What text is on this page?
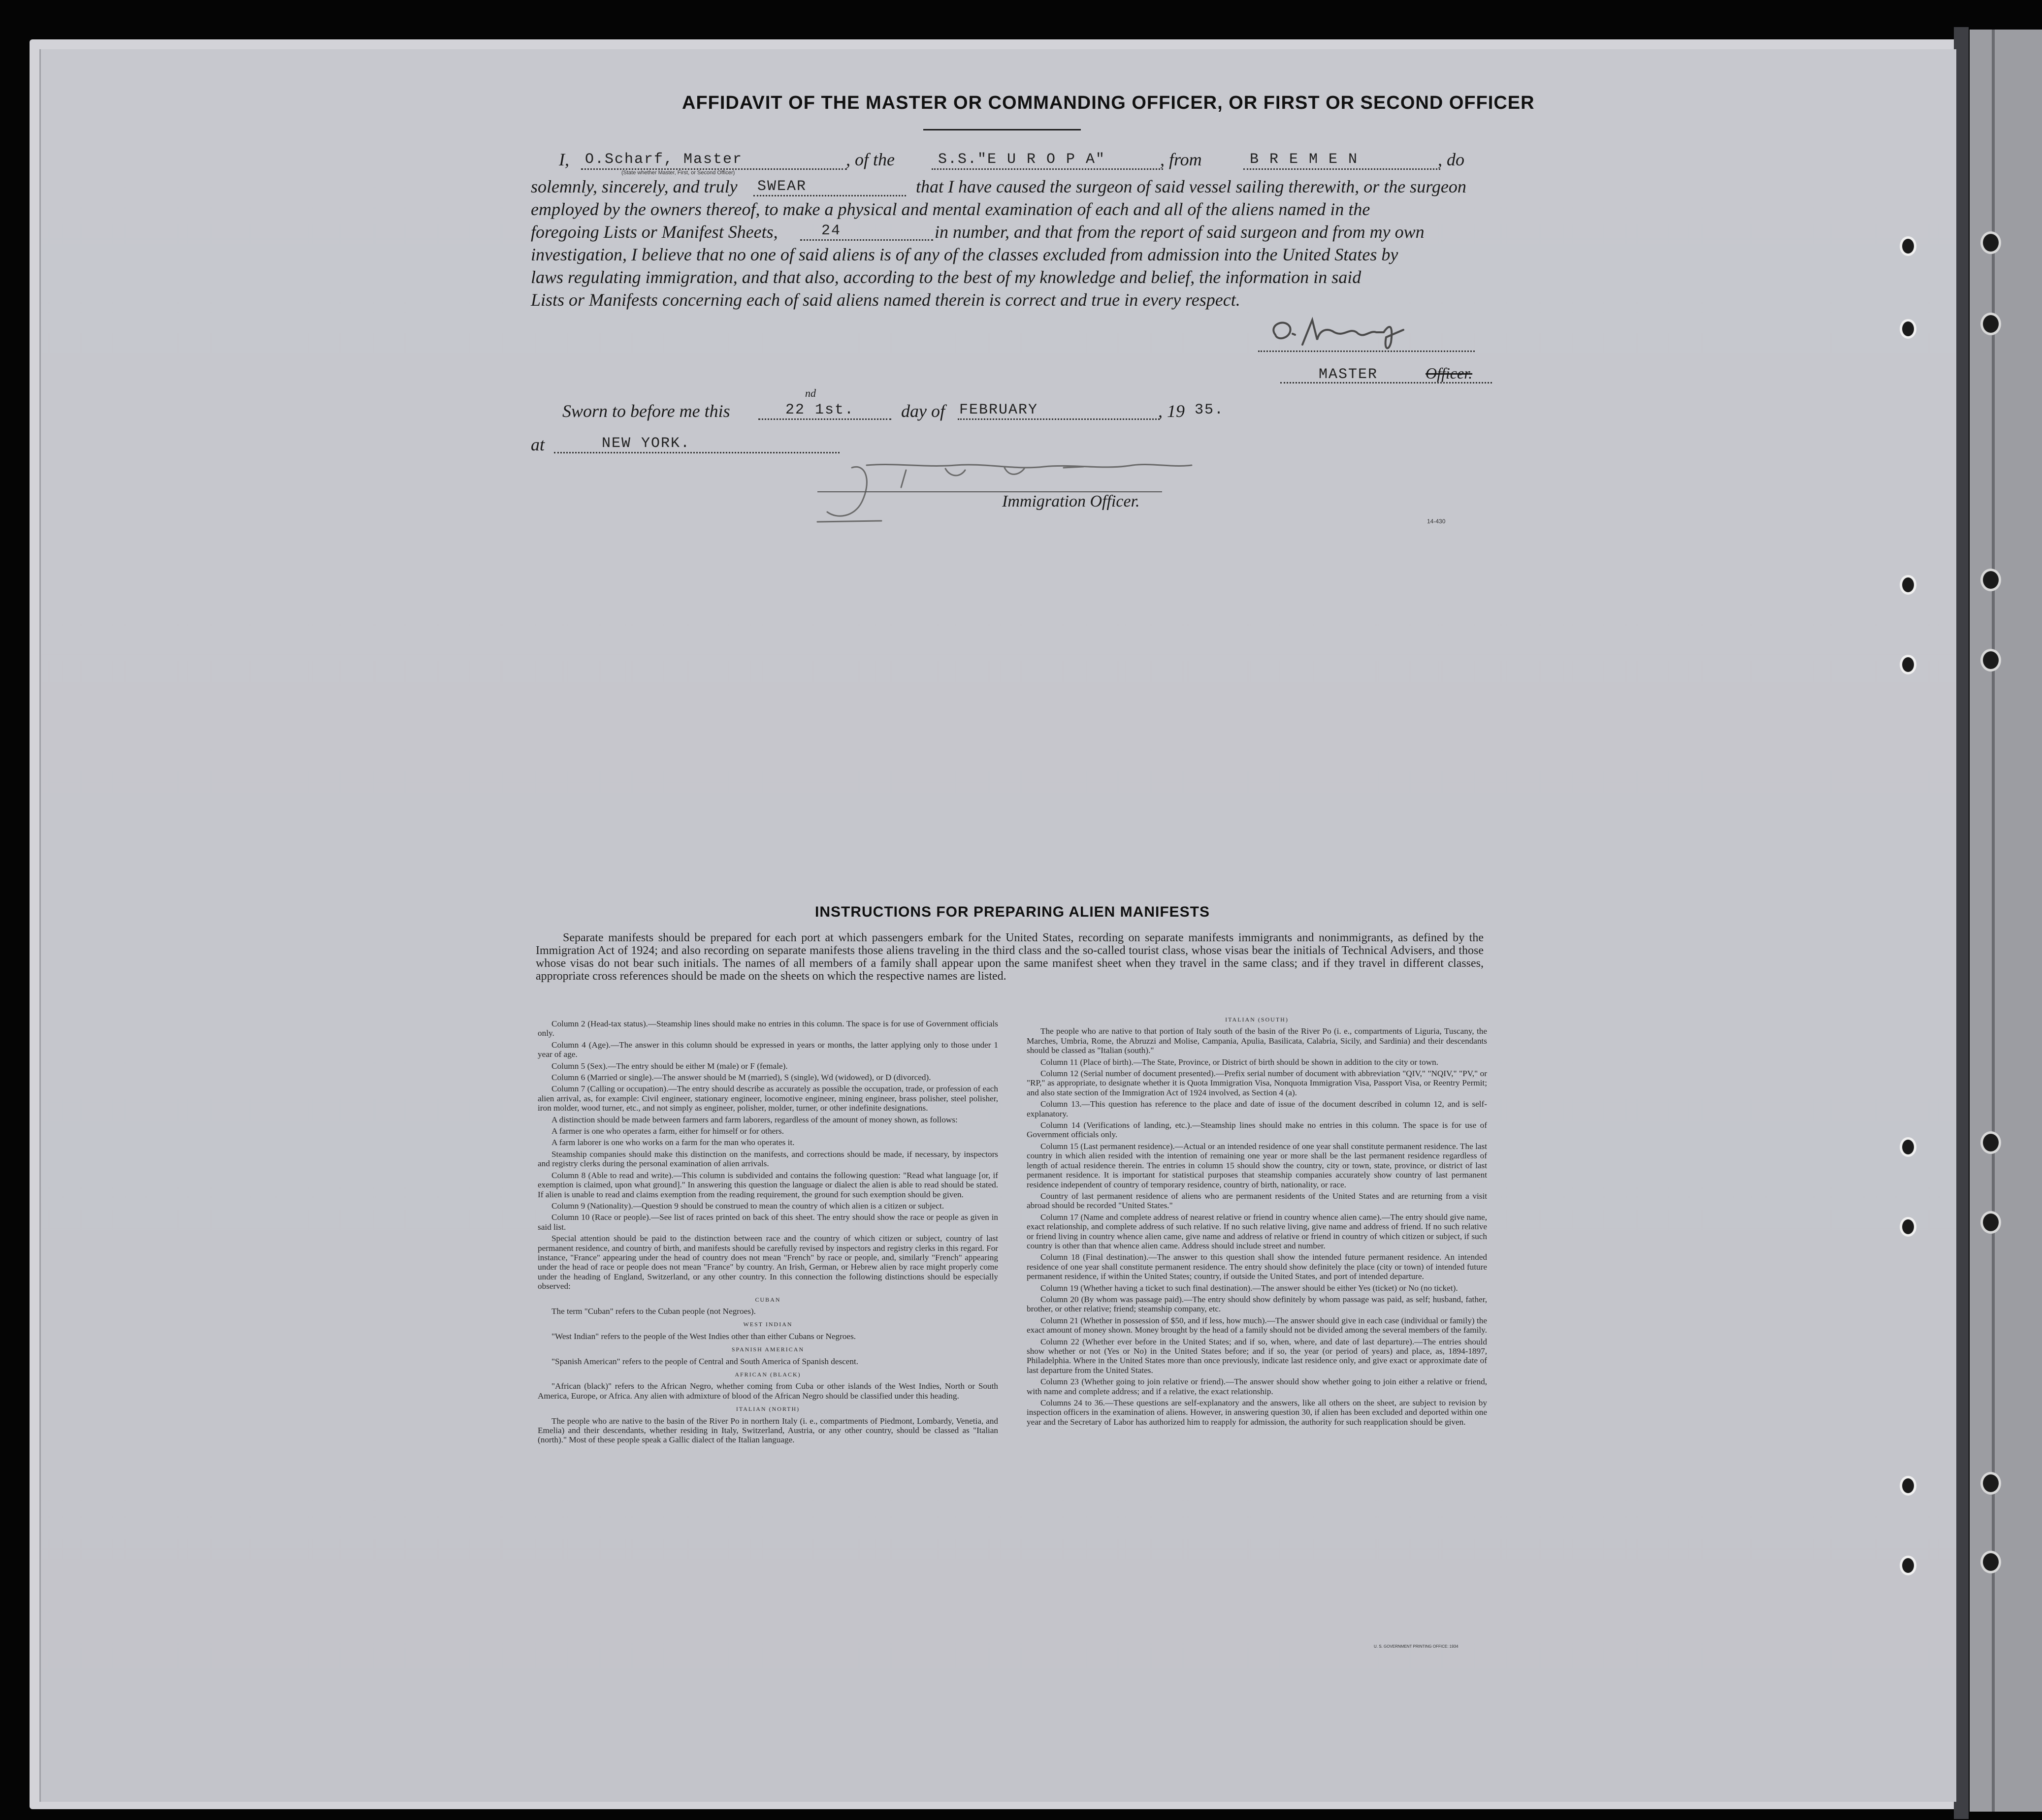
AFFIDAVIT OF THE MASTER OR COMMANDING OFFICER, OR FIRST OR SECOND OFFICER
I, O.Scharf, Master
(State whether Master, First, or Second Officer)
, of the	S.S."E U R O P A"	, from	B R E M E N	, do
solemnly, sincerely, and truly SWEAR	that I have caused the surgeon of said vessel sailing therewith, or the surgeon
employed by the owners thereof, to make a physical and mental examination of each and all of the aliens named in the
foregoing Lists or Manifest Sheets,	24	in number, and that from the report of said surgeon and from my own
investigation, I believe that no one of said aliens is of any of the classes excluded from admission into the United States by
laws regulating immigration, and that also, according to the best of my knowledge and belief, the information in said
Lists or Manifests concerning each of said aliens named therein is correct and true in every respect.
MASTER	Officer.
Sworn to before me this	22 1st.
nd
day of FEBRUARY	, 19 35.
at	NEW YORK.
Immigration Officer.
14-430
INSTRUCTIONS FOR PREPARING ALIEN MANIFESTS
Separate manifests should be prepared for each port at which passengers embark for the United States, recording on separate manifests immigrants and nonimmigrants, as defined by the Immigration Act of 1924; and also recording on separate manifests those aliens traveling in the third class and the so-called tourist class, whose visas bear the initials of Technical Advisers, and those whose visas do not bear such initials. The names of all members of a family shall appear upon the same manifest sheet when they travel in the same class; and if they travel in different classes, appropriate cross references should be made on the sheets on which the respective names are listed.

Column 2 (Head-tax status).—Steamship lines should make no entries in this column. The space is for use of Government officials only.

Column 4 (Age).—The answer in this column should be expressed in years or months, the latter applying only to those under 1 year of age.

Column 5 (Sex).—The entry should be either M (male) or F (female).

Column 6 (Married or single).—The answer should be M (married), S (single), Wd (widowed), or D (divorced).

Column 7 (Calling or occupation).—The entry should describe as accurately as possible the occupation, trade, or profession of each alien arrival, as, for example: Civil engineer, stationary engineer, locomotive engineer, mining engineer, brass polisher, steel polisher, iron molder, wood turner, etc., and not simply as engineer, polisher, molder, turner, or other indefinite designations.

A distinction should be made between farmers and farm laborers, regardless of the amount of money shown, as follows:

A farmer is one who operates a farm, either for himself or for others.

A farm laborer is one who works on a farm for the man who operates it.

Steamship companies should make this distinction on the manifests, and corrections should be made, if necessary, by inspectors and registry clerks during the personal examination of alien arrivals.

Column 8 (Able to read and write).—This column is subdivided and contains the following question: "Read what language [or, if exemption is claimed, upon what ground]." In answering this question the language or dialect the alien is able to read should be stated. If alien is unable to read and claims exemption from the reading requirement, the ground for such exemption should be given.

Column 9 (Nationality).—Question 9 should be construed to mean the country of which alien is a citizen or subject.

Column 10 (Race or people).—See list of races printed on back of this sheet. The entry should show the race or people as given in said list.

Special attention should be paid to the distinction between race and the country of which citizen or subject, country of last permanent residence, and country of birth, and manifests should be carefully revised by inspectors and registry clerks in this regard. For instance, "France" appearing under the head of country does not mean "French" by race or people, and, similarly "French" appearing under the head of race or people does not mean "France" by country. An Irish, German, or Hebrew alien by race might properly come under the heading of England, Switzerland, or any other country. In this connection the following distinctions should be especially observed:

CUBAN

The term "Cuban" refers to the Cuban people (not Negroes).

WEST INDIAN

"West Indian" refers to the people of the West Indies other than either Cubans or Negroes.

SPANISH AMERICAN

"Spanish American" refers to the people of Central and South America of Spanish descent.

AFRICAN (BLACK)

"African (black)" refers to the African Negro, whether coming from Cuba or other islands of the West Indies, North or South America, Europe, or Africa. Any alien with admixture of blood of the African Negro should be classified under this heading.

ITALIAN (NORTH)

The people who are native to the basin of the River Po in northern Italy (i. e., compartments of Piedmont, Lombardy, Venetia, and Emelia) and their descendants, whether residing in Italy, Switzerland, Austria, or any other country, should be classed as "Italian (north)." Most of these people speak a Gallic dialect of the Italian language.

ITALIAN (SOUTH)

The people who are native to that portion of Italy south of the basin of the River Po (i. e., compartments of Liguria, Tuscany, the Marches, Umbria, Rome, the Abruzzi and Molise, Campania, Apulia, Basilicata, Calabria, Sicily, and Sardinia) and their descendants should be classed as "Italian (south)."

Column 11 (Place of birth).—The State, Province, or District of birth should be shown in addition to the city or town.

Column 12 (Serial number of document presented).—Prefix serial number of document with abbreviation "QIV," "NQIV," "PV," or "RP," as appropriate, to designate whether it is Quota Immigration Visa, Nonquota Immigration Visa, Passport Visa, or Reentry Permit; and also state section of the Immigration Act of 1924 involved, as Section 4 (a).

Column 13.—This question has reference to the place and date of issue of the document described in column 12, and is self-explanatory.

Column 14 (Verifications of landing, etc.).—Steamship lines should make no entries in this column. The space is for use of Government officials only.

Column 15 (Last permanent residence).—Actual or an intended residence of one year shall constitute permanent residence. The last country in which alien resided with the intention of remaining one year or more shall be the last permanent residence regardless of length of actual residence therein. The entries in column 15 should show the country, city or town, state, province, or district of last permanent residence. It is important for statistical purposes that steamship companies accurately show country of last permanent residence independent of country of temporary residence, country of birth, nationality, or race.

Country of last permanent residence of aliens who are permanent residents of the United States and are returning from a visit abroad should be recorded "United States."

Column 17 (Name and complete address of nearest relative or friend in country whence alien came).—The entry should give name, exact relationship, and complete address of such relative. If no such relative living, give name and address of friend. If no such relative or friend living in country whence alien came, give name and address of relative or friend in country of which citizen or subject, if such country is other than that whence alien came. Address should include street and number.

Column 18 (Final destination).—The answer to this question shall show the intended future permanent residence. An intended residence of one year shall constitute permanent residence. The entry should show definitely the place (city or town) of intended future permanent residence, if within the United States; country, if outside the United States, and port of intended departure.

Column 19 (Whether having a ticket to such final destination).—The answer should be either Yes (ticket) or No (no ticket).

Column 20 (By whom was passage paid).—The entry should show definitely by whom passage was paid, as self; husband, father, brother, or other relative; friend; steamship company, etc.

Column 21 (Whether in possession of $50, and if less, how much).—The answer should give in each case (individual or family) the exact amount of money shown. Money brought by the head of a family should not be divided among the several members of the family.

Column 22 (Whether ever before in the United States; and if so, when, where, and date of last departure).—The entries should show whether or not (Yes or No) in the United States before; and if so, the year (or period of years) and place, as, 1894-1897, Philadelphia. Where in the United States more than once previously, indicate last residence only, and give exact or approximate date of last departure from the United States.

Column 23 (Whether going to join relative or friend).—The answer should show whether going to join either a relative or friend, with name and complete address; and if a relative, the exact relationship.

Columns 24 to 36.—These questions are self-explanatory and the answers, like all others on the sheet, are subject to revision by inspection officers in the examination of aliens. However, in answering question 30, if alien has been excluded and deported within one year and the Secretary of Labor has authorized him to reapply for admission, the authority for such reapplication should be given.

U. S. GOVERNMENT PRINTING OFFICE: 1934
